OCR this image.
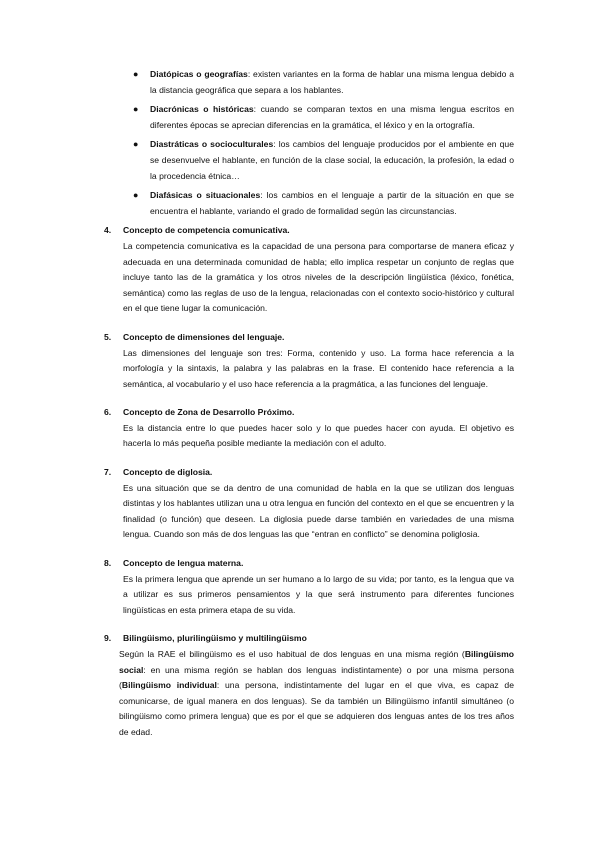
● Diatópicas o geografías: existen variantes en la forma de hablar una misma lengua debido a la distancia geográfica que separa a los hablantes.
● Diacrónicas o históricas: cuando se comparan textos en una misma lengua escritos en diferentes épocas se aprecian diferencias en la gramática, el léxico y en la ortografía.
● Diastráticas o socioculturales: los cambios del lenguaje producidos por el ambiente en que se desenvuelve el hablante, en función de la clase social, la educación, la profesión, la edad o la procedencia étnica…
● Diafásicas o situacionales: los cambios en el lenguaje a partir de la situación en que se encuentra el hablante, variando el grado de formalidad según las circunstancias.
4. Concepto de competencia comunicativa.
La competencia comunicativa es la capacidad de una persona para comportarse de manera eficaz y adecuada en una determinada comunidad de habla; ello implica respetar un conjunto de reglas que incluye tanto las de la gramática y los otros niveles de la descripción lingüística (léxico, fonética, semántica) como las reglas de uso de la lengua, relacionadas con el contexto socio-histórico y cultural en el que tiene lugar la comunicación.
5. Concepto de dimensiones del lenguaje.
Las dimensiones del lenguaje son tres: Forma, contenido y uso. La forma hace referencia a la morfología y la sintaxis, la palabra y las palabras en la frase. El contenido hace referencia a la semántica, al vocabulario y el uso hace referencia a la pragmática, a las funciones del lenguaje.
6. Concepto de Zona de Desarrollo Próximo.
Es la distancia entre lo que puedes hacer solo y lo que puedes hacer con ayuda. El objetivo es hacerla lo más pequeña posible mediante la mediación con el adulto.
7. Concepto de diglosia.
Es una situación que se da dentro de una comunidad de habla en la que se utilizan dos lenguas distintas y los hablantes utilizan una u otra lengua en función del contexto en el que se encuentren y la finalidad (o función) que deseen. La diglosia puede darse también en variedades de una misma lengua. Cuando son más de dos lenguas las que “entran en conflicto” se denomina poliglosia.
8. Concepto de lengua materna.
Es la primera lengua que aprende un ser humano a lo largo de su vida; por tanto, es la lengua que va a utilizar es sus primeros pensamientos y la que será instrumento para diferentes funciones lingüísticas en esta primera etapa de su vida.
9. Bilingüismo, plurilingüismo y multilingüismo
Según la RAE el bilingüismo es el uso habitual de dos lenguas en una misma región (Bilingüismo social: en una misma región se hablan dos lenguas indistintamente) o por una misma persona (Bilingüismo individual: una persona, indistintamente del lugar en el que viva, es capaz de comunicarse, de igual manera en dos lenguas). Se da también un Bilingüismo infantil simultáneo (o bilingüismo como primera lengua) que es por el que se adquieren dos lenguas antes de los tres años de edad.
